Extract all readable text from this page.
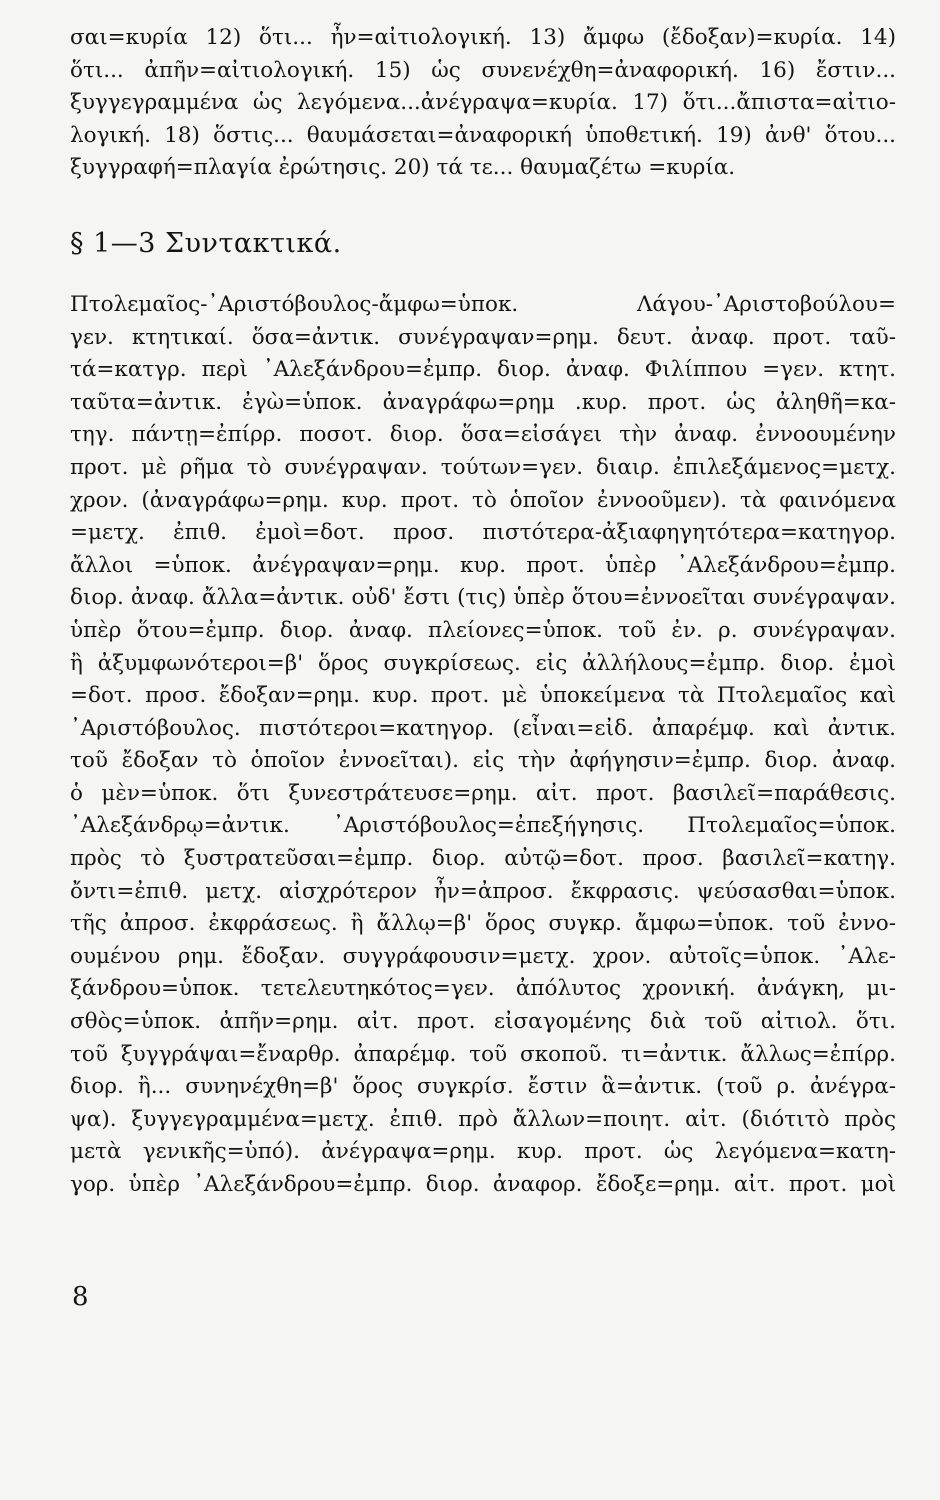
σαι=κυρία 12) ὅτι... ἦν=αἰτιολογική. 13) ἄμφω (ἔδοξαν)=κυρία. 14)
ὅτι... ἀπῆν=αἰτιολογική. 15) ὡς συνενέχθη=ἀναφορική. 16) ἔστιν...
ξυγγεγραμμένα ὡς λεγόμενα...ἀνέγραψα=κυρία. 17) ὅτι...ἄπιστα=αἰτιο-
λογική. 18) ὅστις... θαυμάσεται=ἀναφορική ὑποθετική. 19) ἀνθ' ὅτου...
ξυγγραφή=πλαγία ἐρώτησις. 20) τά τε... θαυμαζέτω =κυρία.
§ 1—3 Συντακτικά.
Πτολεμαῖος-᾿Αριστόβουλος-ἄμφω=ὑποκ. Λάγου-᾿Αριστοβούλου=
γεν. κτητικαί. ὅσα=ἀντικ. συνέγραψαν=ρημ. δευτ. ἀναφ. προτ. ταῦ-
τά=κατγρ. περὶ ᾿Αλεξάνδρου=ἐμπρ. διορ. ἀναφ. Φιλίππου =γεν. κτητ.
ταῦτα=ἀντικ. ἐγὼ=ὑποκ. ἀναγράφω=ρημ .κυρ. προτ. ὡς ἀληθῆ=κα-
τηγ. πάντῃ=ἐπίρρ. ποσοτ. διορ. ὅσα=εἰσάγει τὴν ἀναφ. ἐννοουμένην
προτ. μὲ ρῆμα τὸ συνέγραψαν. τούτων=γεν. διαιρ. ἐπιλεξάμενος=μετχ.
χρον. (ἀναγράφω=ρημ. κυρ. προτ. τὸ ὁποῖον ἐννοοῦμεν). τὰ φαινόμενα
=μετχ. ἐπιθ. ἐμοὶ=δοτ. προσ. πιστότερα-ἀξιαφηγητότερα=κατηγορ.
ἄλλοι =ὑποκ. ἀνέγραψαν=ρημ. κυρ. προτ. ὑπὲρ ᾿Αλεξάνδρου=ἐμπρ.
διορ. ἀναφ. ἄλλα=ἀντικ. οὐδ' ἔστι (τις) ὑπὲρ ὅτου=ἐννοεῖται συνέγραψαν.
ὑπὲρ ὅτου=ἐμπρ. διορ. ἀναφ. πλείονες=ὑποκ. τοῦ ἐν. ρ. συνέγραψαν.
ἢ ἀξυμφωνότεροι=β' ὅρος συγκρίσεως. εἰς ἀλλήλους=ἐμπρ. διορ. ἐμοὶ
=δοτ. προσ. ἔδοξαν=ρημ. κυρ. προτ. μὲ ὑποκείμενα τὰ Πτολεμαῖος καὶ
᾿Αριστόβουλος. πιστότεροι=κατηγορ. (εἶναι=εἰδ. ἀπαρέμφ. καὶ ἀντικ.
τοῦ ἔδοξαν τὸ ὁποῖον ἐννοεῖται). εἰς τὴν ἀφήγησιν=ἐμπρ. διορ. ἀναφ.
ὁ μὲν=ὑποκ. ὅτι ξυνεστράτευσε=ρημ. αἰτ. προτ. βασιλεῖ=παράθεσις.
᾿Αλεξάνδρῳ=ἀντικ. ᾿Αριστόβουλος=ἐπεξήγησις. Πτολεμαῖος=ὑποκ.
πρὸς τὸ ξυστρατεῦσαι=ἐμπρ. διορ. αὐτῷ=δοτ. προσ. βασιλεῖ=κατηγ.
ὄντι=ἐπιθ. μετχ. αἰσχρότερον ἦν=ἀπροσ. ἔκφρασις. ψεύσασθαι=ὑποκ.
τῆς ἀπροσ. ἐκφράσεως. ἢ ἄλλῳ=β' ὅρος συγκρ. ἄμφω=ὑποκ. τοῦ ἐννο-
ουμένου ρημ. ἔδοξαν. συγγράφουσιν=μετχ. χρον. αὐτοῖς=ὑποκ. ᾿Αλε-
ξάνδρου=ὑποκ. τετελευτηκότος=γεν. ἀπόλυτος χρονική. ἀνάγκη, μι-
σθὸς=ὑποκ. ἀπῆν=ρημ. αἰτ. προτ. εἰσαγομένης διὰ τοῦ αἰτιολ. ὅτι.
τοῦ ξυγγράψαι=ἔναρθρ. ἀπαρέμφ. τοῦ σκοποῦ. τι=ἀντικ. ἄλλως=ἐπίρρ.
διορ. ἢ... συνηνέχθη=β' ὅρος συγκρίσ. ἔστιν ἃ=ἀντικ. (τοῦ ρ. ἀνέγρα-
ψα). ξυγγεγραμμένα=μετχ. ἐπιθ. πρὸ ἄλλων=ποιητ. αἰτ. (διότιτὸ πρὸς
μετὰ γενικῆς=ὑπό). ἀνέγραψα=ρημ. κυρ. προτ. ὡς λεγόμενα=κατη-
γορ. ὑπὲρ ᾿Αλεξάνδρου=ἐμπρ. διορ. ἀναφορ. ἔδοξε=ρημ. αἰτ. προτ. μοὶ
8
